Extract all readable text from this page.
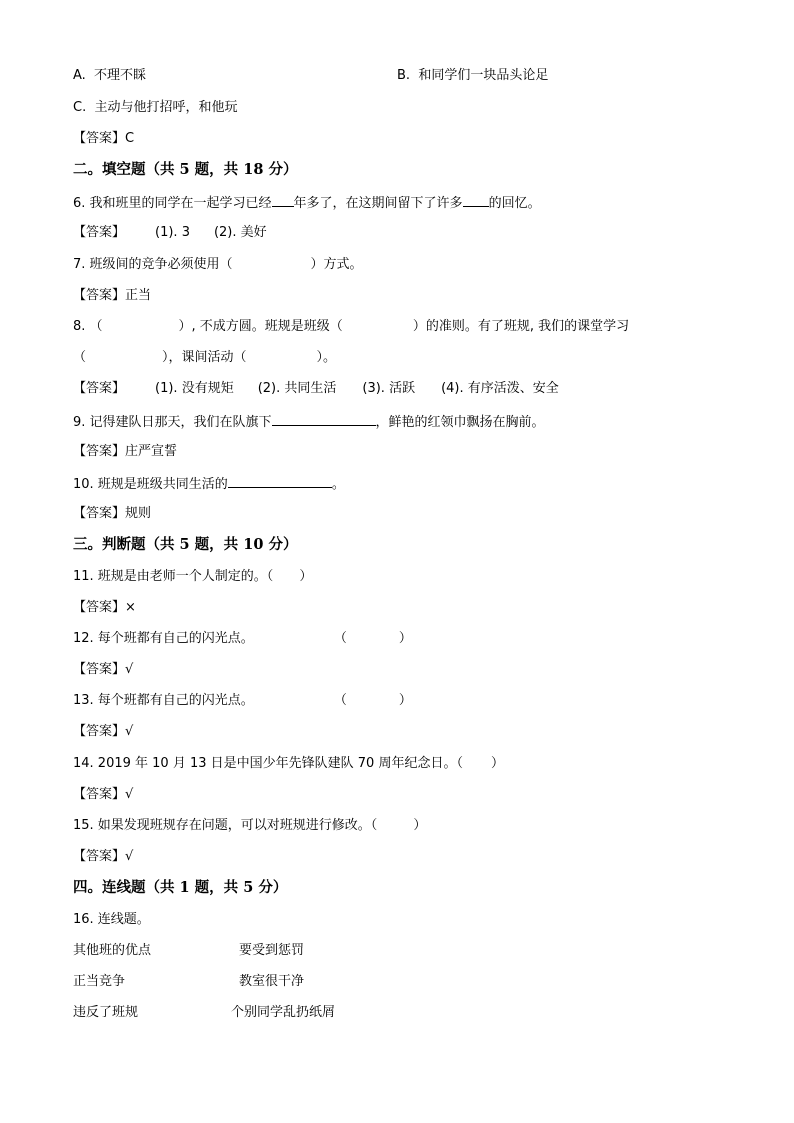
A.  不理不睬	B.  和同学们一块品头论足
C.  主动与他打招呼，和他玩
【答案】C
二。填空题（共 5 题，共 18 分）
6. 我和班里的同学在一起学习已经 年多了，在这期间留下了许多 的回忆。
【答案】 (1). 3 (2). 美好
7. 班级间的竞争必须使用（	）方式。
【答案】正当
8. （	）, 不成方圆。班规是班级（	）的准则。有了班规, 我们的课堂学习
（	），课间活动（	）。
【答案】 (1). 没有规矩 (2). 共同生活 (3). 活跃 (4). 有序活泼、安全
9. 记得建队日那天，我们在队旗下	，鲜艳的红领巾飘扬在胸前。
【答案】庄严宣誓
10. 班规是班级共同生活的	。
【答案】规则
三。判断题（共 5 题，共 10 分）
11. 班规是由老师一个人制定的。（ ）
【答案】×
12. 每个班都有自己的闪光点。	（	）
【答案】√
13. 每个班都有自己的闪光点。	（	）
【答案】√
14. 2019 年 10 月 13 日是中国少年先锋队建队 70 周年纪念日。（ ）
【答案】√
15. 如果发现班规存在问题，可以对班规进行修改。（	）
【答案】√
四。连线题（共 1 题，共 5 分）
16. 连线题。
其他班的优点	要受到惩罚
正当竞争	教室很干净
违反了班规	个别同学乱扔纸屑
